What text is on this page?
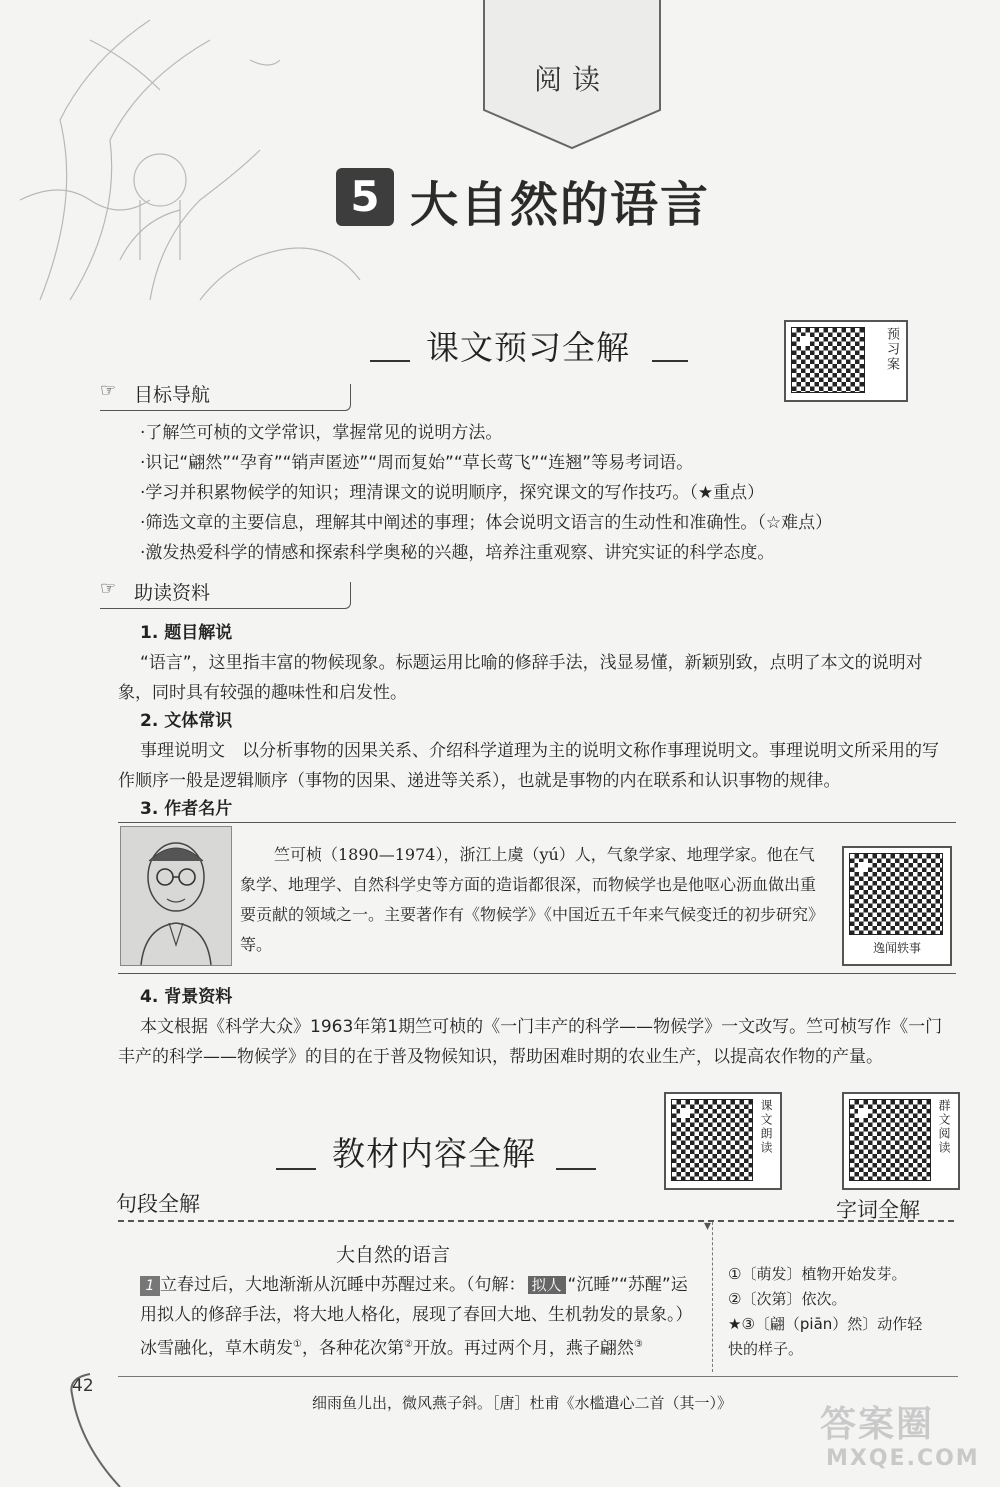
阅读
5 大自然的语言
课文预习全解	预习案
☞ 目标导航
·了解竺可桢的文学常识，掌握常见的说明方法。
·识记“翩然”“孕育”“销声匿迹”“周而复始”“草长莺飞”“连翘”等易考词语。
·学习并积累物候学的知识；理清课文的说明顺序，探究课文的写作技巧。（★重点）
·筛选文章的主要信息，理解其中阐述的事理；体会说明文语言的生动性和准确性。（☆难点）
·激发热爱科学的情感和探索科学奥秘的兴趣，培养注重观察、讲究实证的科学态度。
☞ 助读资料
1. 题目解说
“语言”，这里指丰富的物候现象。标题运用比喻的修辞手法，浅显易懂，新颖别致，点明了本文的说明对象，同时具有较强的趣味性和启发性。
2. 文体常识
事理说明文　以分析事物的因果关系、介绍科学道理为主的说明文称作事理说明文。事理说明文所采用的写作顺序一般是逻辑顺序（事物的因果、递进等关系），也就是事物的内在联系和认识事物的规律。
3. 作者名片
竺可桢（1890—1974），浙江上虞（yú）人，气象学家、地理学家。他在气象学、地理学、自然科学史等方面的造诣都很深，而物候学也是他呕心沥血做出重要贡献的领域之一。主要著作有《物候学》《中国近五千年来气候变迁的初步研究》等。	逸闻轶事
4. 背景资料
本文根据《科学大众》1963年第1期竺可桢的《一门丰产的科学——物候学》一文改写。竺可桢写作《一门丰产的科学——物候学》的目的在于普及物候知识，帮助困难时期的农业生产，以提高农作物的产量。
教材内容全解	课文朗读	群文阅读
句段全解	字词全解
▾
大自然的语言
1 立春过后，大地渐渐从沉睡中苏醒过来。（句解： 拟人 “沉睡”“苏醒”运用拟人的修辞手法，将大地人格化，展现了春回大地、生机勃发的景象。）冰雪融化，草木萌发①，各种花次第②开放。再过两个月，燕子翩然③
①〔萌发〕植物开始发芽。
②〔次第〕依次。
★③〔翩（piān）然〕动作轻快的样子。
42
细雨鱼儿出，微风燕子斜。［唐］杜甫《水槛遣心二首（其一）》
答案圈
MXQE.COM
